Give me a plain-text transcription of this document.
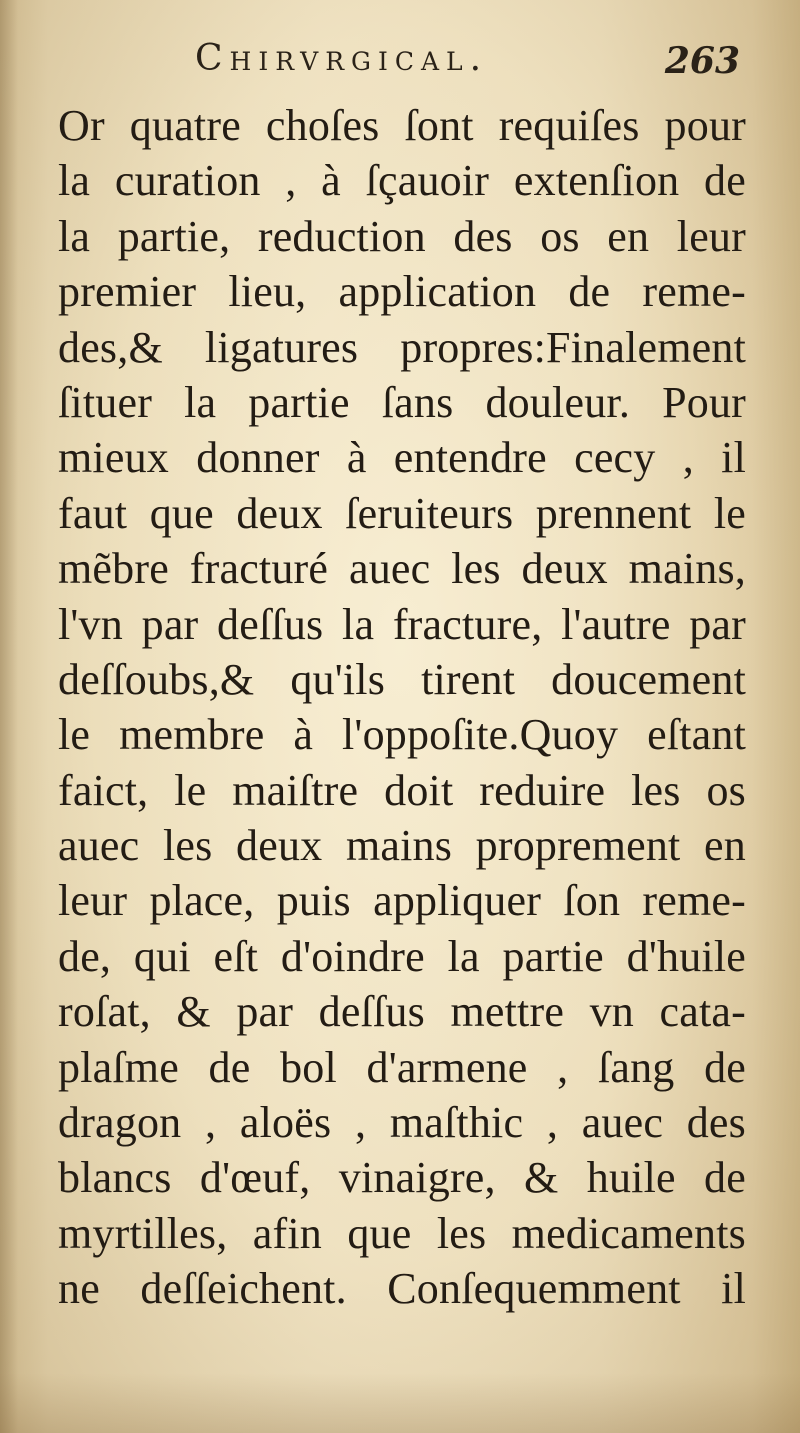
Chirvrgical.	263
Or quatre choſes ſont requiſes pour
la curation , à ſçauoir extenſion de
la partie, reduction des os en leur
premier lieu, application de reme-
des,& ligatures propres:Finalement
ſituer la partie ſans douleur. Pour
mieux donner à entendre cecy , il
faut que deux ſeruiteurs prennent le
mẽbre fracturé auec les deux mains,
l'vn par deſſus la fracture, l'autre par
deſſoubs,& qu'ils tirent doucement
le membre à l'oppoſite.Quoy eſtant
faict, le maiſtre doit reduire les os
auec les deux mains proprement en
leur place, puis appliquer ſon reme-
de, qui eſt d'oindre la partie d'huile
roſat, & par deſſus mettre vn cata-
plaſme de bol d'armene , ſang de
dragon , aloës , maſthic , auec des
blancs d'œuf, vinaigre, & huile de
myrtilles, afin que les medicaments
ne deſſeichent. Conſequemment il
